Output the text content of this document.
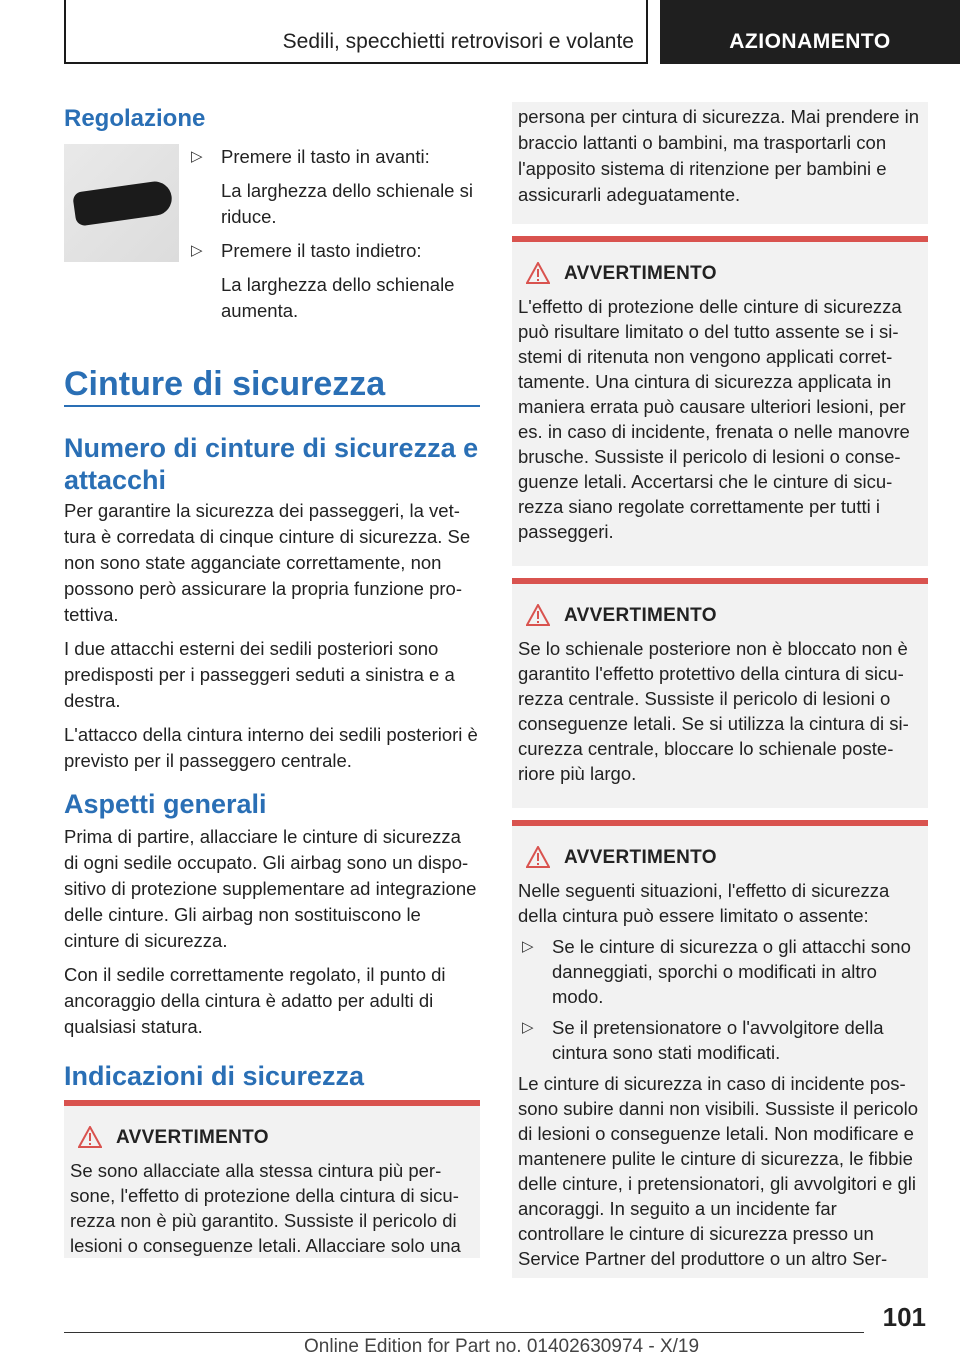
Sedili, specchietti retrovisori e volante	AZIONAMENTO
Regolazione
▷ Premere il tasto in avanti:

La larghezza dello schienale si riduce.

▷ Premere il tasto indietro:

La larghezza dello schienale aumenta.

Cinture di sicurezza
Numero di cinture di sicurezza e attacchi

Per garantire la sicurezza dei passeggeri, la vettura è corredata di cinque cinture di sicurezza. Se non sono state agganciate correttamente, non possono però assicurare la propria funzione protettiva.

I due attacchi esterni dei sedili posteriori sono predisposti per i passeggeri seduti a sinistra e a destra.

L'attacco della cintura interno dei sedili posteriori è previsto per il passeggero centrale.

Aspetti generali

Prima di partire, allacciare le cinture di sicurezza di ogni sedile occupato. Gli airbag sono un dispositivo di protezione supplementare ad integrazione delle cinture. Gli airbag non sostituiscono le cinture di sicurezza.

Con il sedile correttamente regolato, il punto di ancoraggio della cintura è adatto per adulti di qualsiasi statura.

Indicazioni di sicurezza
AVVERTIMENTO

Se sono allacciate alla stessa cintura più persone, l'effetto di protezione della cintura di sicurezza non è più garantito. Sussiste il pericolo di lesioni o conseguenze letali. Allacciare solo una

persona per cintura di sicurezza. Mai prendere in braccio lattanti o bambini, ma trasportarli con l'apposito sistema di ritenzione per bambini e assicurarli adeguatamente.

AVVERTIMENTO

L'effetto di protezione delle cinture di sicurezza può risultare limitato o del tutto assente se i sistemi di ritenuta non vengono applicati correttamente. Una cintura di sicurezza applicata in maniera errata può causare ulteriori lesioni, per es. in caso di incidente, frenata o nelle manovre brusche. Sussiste il pericolo di lesioni o conseguenze letali. Accertarsi che le cinture di sicurezza siano regolate correttamente per tutti i passeggeri.

AVVERTIMENTO

Se lo schienale posteriore non è bloccato non è garantito l'effetto protettivo della cintura di sicurezza centrale. Sussiste il pericolo di lesioni o conseguenze letali. Se si utilizza la cintura di sicurezza centrale, bloccare lo schienale posteriore più largo.

AVVERTIMENTO

Nelle seguenti situazioni, l'effetto di sicurezza della cintura può essere limitato o assente:

▷ Se le cinture di sicurezza o gli attacchi sono danneggiati, sporchi o modificati in altro modo.

▷ Se il pretensionatore o l'avvolgitore della cintura sono stati modificati.

Le cinture di sicurezza in caso di incidente possono subire danni non visibili. Sussiste il pericolo di lesioni o conseguenze letali. Non modificare e mantenere pulite le cinture di sicurezza, le fibbie delle cinture, i pretensionatori, gli avvolgitori e gli ancoraggi. In seguito a un incidente far controllare le cinture di sicurezza presso un Service Partner del produttore o un altro Ser-

101
Online Edition for Part no. 01402630974 - X/19
